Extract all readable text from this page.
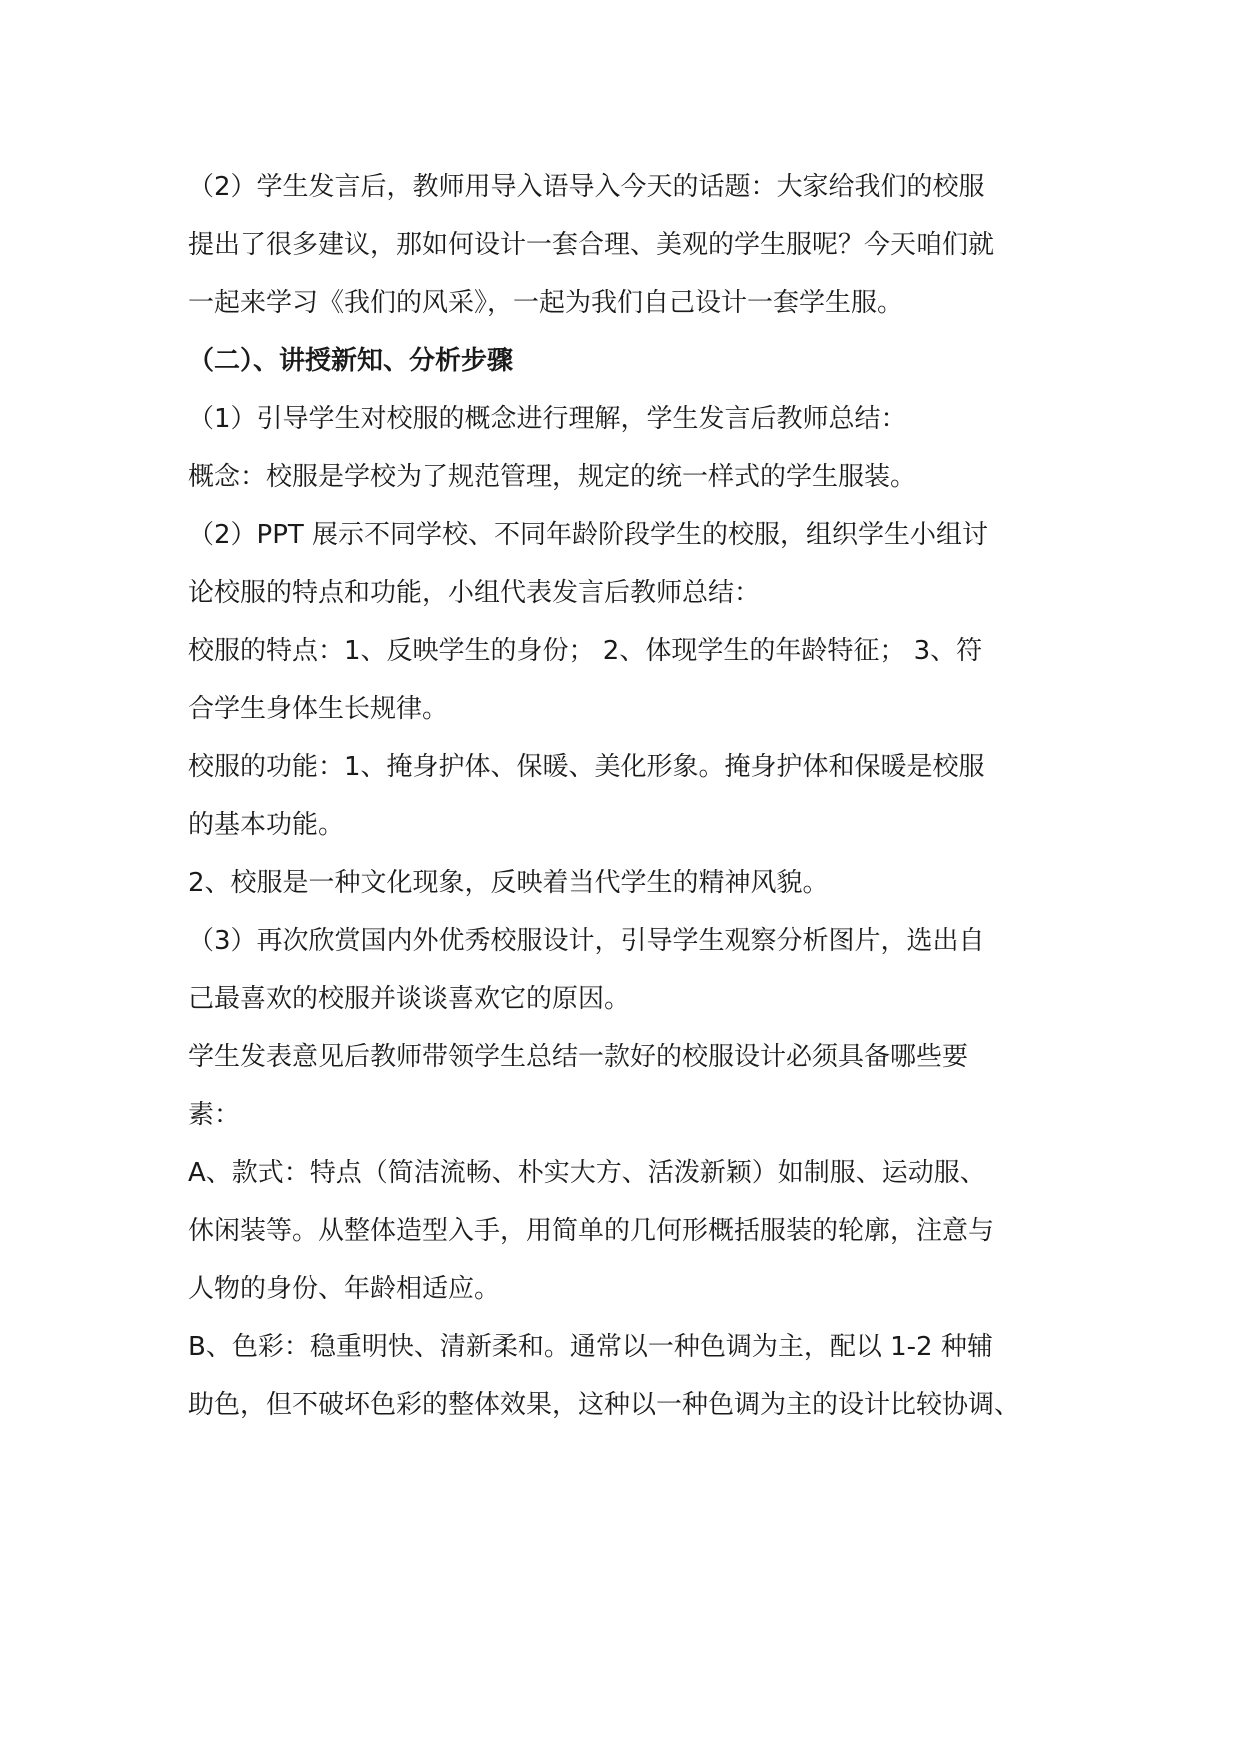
（2）学生发言后，教师用导入语导入今天的话题：大家给我们的校服
提出了很多建议，那如何设计一套合理、美观的学生服呢？今天咱们就
一起来学习《我们的风采》，一起为我们自己设计一套学生服。
（二）、讲授新知、分析步骤
（1）引导学生对校服的概念进行理解，学生发言后教师总结：
概念：校服是学校为了规范管理，规定的统一样式的学生服装。
（2）PPT 展示不同学校、不同年龄阶段学生的校服，组织学生小组讨
论校服的特点和功能，小组代表发言后教师总结：
校服的特点：1、反映学生的身份； 2、体现学生的年龄特征； 3、符
合学生身体生长规律。
校服的功能：1、掩身护体、保暖、美化形象。掩身护体和保暖是校服
的基本功能。
2、校服是一种文化现象，反映着当代学生的精神风貌。
（3）再次欣赏国内外优秀校服设计，引导学生观察分析图片，选出自
己最喜欢的校服并谈谈喜欢它的原因。
学生发表意见后教师带领学生总结一款好的校服设计必须具备哪些要
素：
A、款式：特点（简洁流畅、朴实大方、活泼新颖）如制服、运动服、
休闲装等。从整体造型入手，用简单的几何形概括服装的轮廓，注意与
人物的身份、年龄相适应。
B、色彩：稳重明快、清新柔和。通常以一种色调为主，配以 1-2 种辅
助色，但不破坏色彩的整体效果，这种以一种色调为主的设计比较协调、
